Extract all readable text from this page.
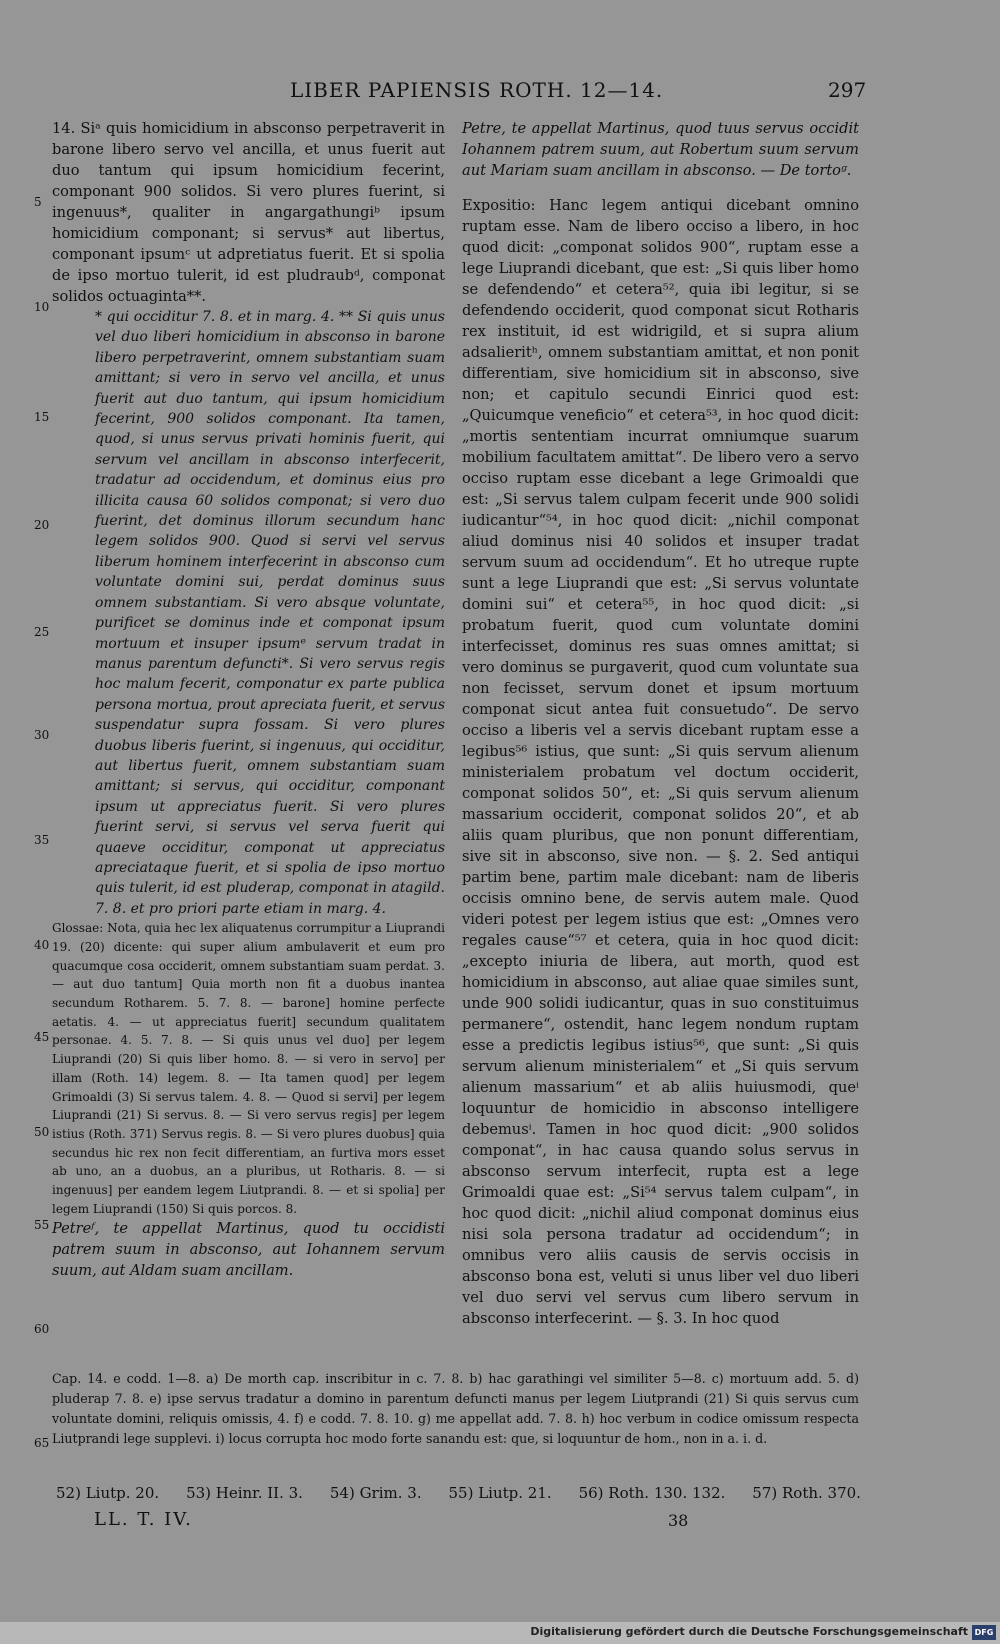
LIBER PAPIENSIS ROTH. 12—14.	297
5
10
15
20
25
30
35
40
45
50
55
60
65

14. Siᵃ quis homicidium in absconso perpetraverit in barone libero servo vel ancilla, et unus fuerit aut duo tantum qui ipsum homicidium fecerint, componant 900 solidos. Si vero plures fuerint, si ingenuus*, qualiter in angargathungiᵇ ipsum homicidium componant; si servus* aut libertus, componant ipsumᶜ ut adpretiatus fuerit. Et si spolia de ipso mortuo tulerit, id est pludraubᵈ, componat solidos octuaginta**.

* qui occiditur 7. 8. et in marg. 4. ** Si quis unus vel duo liberi homicidium in absconso in barone libero perpetraverint, omnem substantiam suam amittant; si vero in servo vel ancilla, et unus fuerit aut duo tantum, qui ipsum homicidium fecerint, 900 solidos componant. Ita tamen, quod, si unus servus privati hominis fuerit, qui servum vel ancillam in absconso interfecerit, tradatur ad occidendum, et dominus eius pro illicita causa 60 solidos componat; si vero duo fuerint, det dominus illorum secundum hanc legem solidos 900. Quod si servi vel servus liberum hominem interfecerint in absconso cum voluntate domini sui, perdat dominus suus omnem substantiam. Si vero absque voluntate, purificet se dominus inde et componat ipsum mortuum et insuper ipsumᵉ servum tradat in manus parentum defuncti*. Si vero servus regis hoc malum fecerit, componatur ex parte publica persona mortua, prout apreciata fuerit, et servus suspendatur supra fossam. Si vero plures duobus liberis fuerint, si ingenuus, qui occiditur, aut libertus fuerit, omnem substantiam suam amittant; si servus, qui occiditur, componant ipsum ut appreciatus fuerit. Si vero plures fuerint servi, si servus vel serva fuerit qui quaeve occiditur, componat ut appreciatus apreciataque fuerit, et si spolia de ipso mortuo quis tulerit, id est pluderap, componat in atagild. 7. 8. et pro priori parte etiam in marg. 4.

Glossae: Nota, quia hec lex aliquatenus corrumpitur a Liuprandi 19. (20) dicente: qui super alium ambulaverit et eum pro quacumque cosa occiderit, omnem substantiam suam perdat. 3. — aut duo tantum] Quia morth non fit a duobus inantea secundum Rotharem. 5. 7. 8. — barone] homine perfecte aetatis. 4. — ut appreciatus fuerit] secundum qualitatem personae. 4. 5. 7. 8. — Si quis unus vel duo] per legem Liuprandi (20) Si quis liber homo. 8. — si vero in servo] per illam (Roth. 14) legem. 8. — Ita tamen quod] per legem Grimoaldi (3) Si servus talem. 4. 8. — Quod si servi] per legem Liuprandi (21) Si servus. 8. — Si vero servus regis] per legem istius (Roth. 371) Servus regis. 8. — Si vero plures duobus] quia secundus hic rex non fecit differentiam, an furtiva mors esset ab uno, an a duobus, an a pluribus, ut Rotharis. 8. — si ingenuus] per eandem legem Liutprandi. 8. — et si spolia] per legem Liuprandi (150) Si quis porcos. 8.

Petreᶠ, te appellat Martinus, quod tu occidisti patrem suum in absconso, aut Iohannem servum suum, aut Aldam suam ancillam.

Petre, te appellat Martinus, quod tuus servus occidit Iohannem patrem suum, aut Robertum suum servum aut Mariam suam ancillam in absconso. — De tortoᵍ.

Expositio: Hanc legem antiqui dicebant omnino ruptam esse. Nam de libero occiso a libero, in hoc quod dicit: „componat solidos 900“, ruptam esse a lege Liuprandi dicebant, que est: „Si quis liber homo se defendendo“ et cetera⁵², quia ibi legitur, si se defendendo occiderit, quod componat sicut Rotharis rex instituit, id est widrigild, et si supra alium adsalieritʰ, omnem substantiam amittat, et non ponit differentiam, sive homicidium sit in absconso, sive non; et capitulo secundi Einrici quod est: „Quicumque veneficio“ et cetera⁵³, in hoc quod dicit: „mortis sententiam incurrat omniumque suarum mobilium facultatem amittat“. De libero vero a servo occiso ruptam esse dicebant a lege Grimoaldi que est: „Si servus talem culpam fecerit unde 900 solidi iudicantur“⁵⁴, in hoc quod dicit: „nichil componat aliud dominus nisi 40 solidos et insuper tradat servum suum ad occidendum“. Et ho utreque rupte sunt a lege Liuprandi que est: „Si servus voluntate domini sui“ et cetera⁵⁵, in hoc quod dicit: „si probatum fuerit, quod cum voluntate domini interfecisset, dominus res suas omnes amittat; si vero dominus se purgaverit, quod cum voluntate sua non fecisset, servum donet et ipsum mortuum componat sicut antea fuit consuetudo“. De servo occiso a liberis vel a servis dicebant ruptam esse a legibus⁵⁶ istius, que sunt: „Si quis servum alienum ministerialem probatum vel doctum occiderit, componat solidos 50“, et: „Si quis servum alienum massarium occiderit, componat solidos 20“, et ab aliis quam pluribus, que non ponunt differentiam, sive sit in absconso, sive non. — §. 2. Sed antiqui partim bene, partim male dicebant: nam de liberis occisis omnino bene, de servis autem male. Quod videri potest per legem istius que est: „Omnes vero regales cause“⁵⁷ et cetera, quia in hoc quod dicit: „excepto iniuria de libera, aut morth, quod est homicidium in absconso, aut aliae quae similes sunt, unde 900 solidi iudicantur, quas in suo constituimus permanere“, ostendit, hanc legem nondum ruptam esse a predictis legibus istius⁵⁶, que sunt: „Si quis servum alienum ministerialem“ et „Si quis servum alienum massarium“ et ab aliis huiusmodi, queⁱ loquuntur de homicidio in absconso intelligere debemusⁱ. Tamen in hoc quod dicit: „900 solidos componat“, in hac causa quando solus servus in absconso servum interfecit, rupta est a lege Grimoaldi quae est: „Si⁵⁴ servus talem culpam“, in hoc quod dicit: „nichil aliud componat dominus eius nisi sola persona tradatur ad occidendum“; in omnibus vero aliis causis de servis occisis in absconso bona est, veluti si unus liber vel duo liberi vel duo servi vel servus cum libero servum in absconso interfecerint. — §. 3. In hoc quod

Cap. 14. e codd. 1—8. a) De morth cap. inscribitur in c. 7. 8. b) hac garathingi vel similiter 5—8. c) mortuum add. 5. d) pluderap 7. 8. e) ipse servus tradatur a domino in parentum defuncti manus per legem Liutprandi (21) Si quis servus cum voluntate domini, reliquis omissis, 4. f) e codd. 7. 8. 10. g) me appellat add. 7. 8. h) hoc verbum in codice omissum respecta Liutprandi lege supplevi. i) locus corrupta hoc modo forte sanandu est: que, si loquuntur de hom., non in a. i. d.

52) Liutp. 20. 53) Heinr. II. 3. 54) Grim. 3. 55) Liutp. 21. 56) Roth. 130. 132. 57) Roth. 370.
LL. T. IV.	38
Digitalisierung gefördert durch die Deutsche Forschungsgemeinschaft DFG
